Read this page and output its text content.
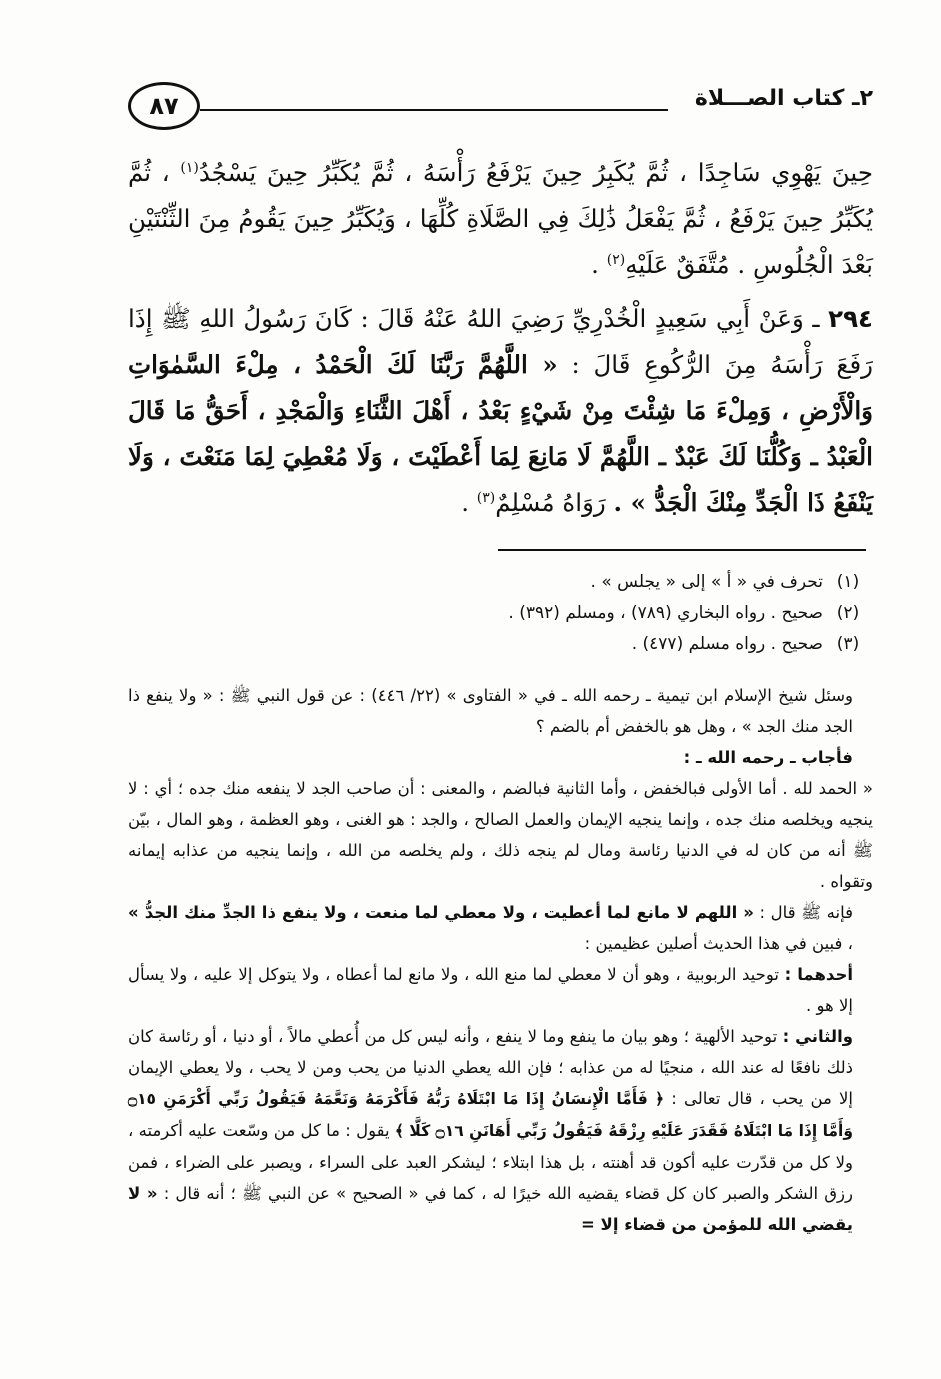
٨٧	٢ـ كتاب الصـــلاة

حِينَ يَهْوِي سَاجِدًا ، ثُمَّ يُكَبِرُ حِينَ يَرْفَعُ رَأْسَهُ ، ثُمَّ يُكَبِّرُ حِينَ يَسْجُدُ$^{(١)}$ ، ثُمَّ يُكَبِّرُ حِينَ يَرْفَعُ ، ثُمَّ يَفْعَلُ ذَٰلِكَ فِي الصَّلَاةِ كُلِّهَا ، وَيُكَبِّرُ حِينَ يَقُومُ مِنَ الثِّنْتَيْنِ بَعْدَ الْجُلُوسِ . مُتَّفَقٌ عَلَيْهِ$^{(٢)}$ .

٢٩٤ ـ وَعَنْ أَبِي سَعِيدٍ الْخُدْرِيِّ رَضِيَ اللهُ عَنْهُ قَالَ : كَانَ رَسُولُ اللهِ ﷺ إِذَا رَفَعَ رَأْسَهُ مِنَ الرُّكُوعِ قَالَ : « اللَّهُمَّ رَبَّنَا لَكَ الْحَمْدُ ، مِلْءَ السَّمٰوَاتِ وَالْأَرْضِ ، وَمِلْءَ مَا شِئْتَ مِنْ شَيْءٍ بَعْدُ ، أَهْلَ الثَّنَاءِ وَالْمَجْدِ ، أَحَقُّ مَا قَالَ الْعَبْدُ ـ وَكُلُّنَا لَكَ عَبْدٌ ـ اللَّهُمَّ لَا مَانِعَ لِمَا أَعْطَيْتَ ، وَلَا مُعْطِيَ لِمَا مَنَعْتَ ، وَلَا يَنْفَعُ ذَا الْجَدِّ مِنْكَ الْجَدُّ » . رَوَاهُ مُسْلِمٌ$^{(٣)}$ .

(١)
تحرف في « أ » إلى « يجلس » .
(٢)
صحيح . رواه البخاري (٧٨٩) ، ومسلم (٣٩٢) .
(٣)
صحيح . رواه مسلم (٤٧٧) .

وسئل شيخ الإسلام ابن تيمية ـ رحمه الله ـ في « الفتاوى » (٢٢/ ٤٤٦) : عن قول النبي ﷺ : « ولا ينفع ذا الجد منك الجد » ، وهل هو بالخفض أم بالضم ؟

فأجاب ـ رحمه الله ـ :

« الحمد لله . أما الأولى فبالخفض ، وأما الثانية فبالضم ، والمعنى : أن صاحب الجد لا ينفعه منك جده ؛ أي : لا ينجيه ويخلصه منك جده ، وإنما ينجيه الإيمان والعمل الصالح ، والجد : هو الغنى ، وهو العظمة ، وهو المال ، بيّن ﷺ أنه من كان له في الدنيا رئاسة ومال لم ينجه ذلك ، ولم يخلصه من الله ، وإنما ينجيه من عذابه إيمانه وتقواه .

فإنه ﷺ قال : « اللهم لا مانع لما أعطيت ، ولا معطي لما منعت ، ولا ينفع ذا الجدِّ منك الجدُّ » ، فبين في هذا الحديث أصلين عظيمين :

أحدهما : توحيد الربوبية ، وهو أن لا معطي لما منع الله ، ولا مانع لما أعطاه ، ولا يتوكل إلا عليه ، ولا يسأل إلا هو .

والثاني : توحيد الألهية ؛ وهو بيان ما ينفع وما لا ينفع ، وأنه ليس كل من أُعطي مالاً ، أو دنيا ، أو رئاسة كان ذلك نافعًا له عند الله ، منجيًا له من عذابه ؛ فإن الله يعطي الدنيا من يحب ومن لا يحب ، ولا يعطي الإيمان إلا من يحب ، قال تعالى : ﴿ فَأَمَّا الْإِنسَانُ إِذَا مَا ابْتَلَاهُ رَبُّهُ فَأَكْرَمَهُ وَنَعَّمَهُ فَيَقُولُ رَبِّي أَكْرَمَنِ ۝١٥ وَأَمَّا إِذَا مَا ابْتَلَاهُ فَقَدَرَ عَلَيْهِ رِزْقَهُ فَيَقُولُ رَبِّي أَهَانَنِ ۝١٦ كَلَّا ﴾ يقول : ما كل من وسّعت عليه أكرمته ، ولا كل من قدّرت عليه أكون قد أهنته ، بل هذا ابتلاء ؛ ليشكر العبد على السراء ، ويصبر على الضراء ، فمن رزق الشكر والصبر كان كل قضاء يقضيه الله خيرًا له ، كما في « الصحيح » عن النبي ﷺ ؛ أنه قال : « لا يقضي الله للمؤمن من قضاء إلا =
